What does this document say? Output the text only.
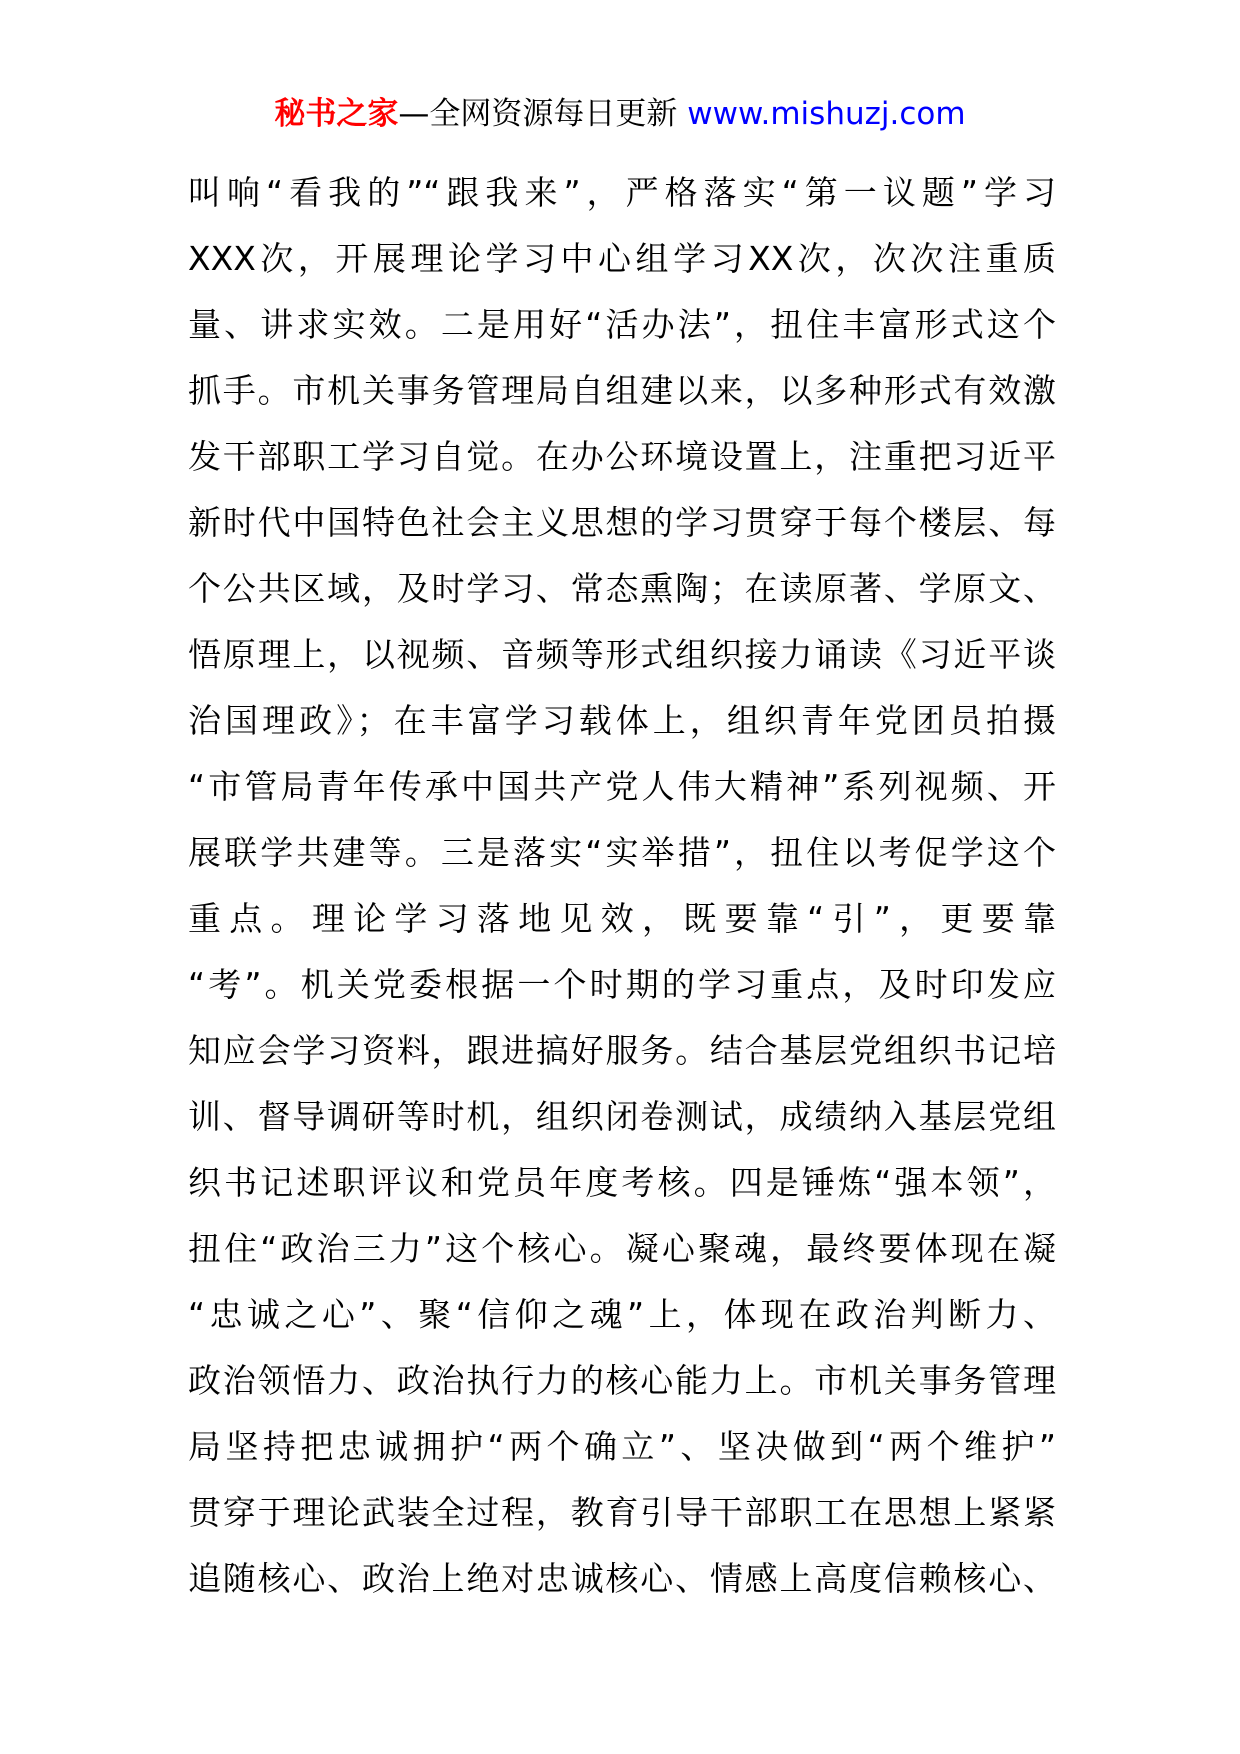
秘书之家—全网资源每日更新 www.mishuzj.com
叫响“看我的”“跟我来”，严格落实“第一议题”学习
XXX次，开展理论学习中心组学习XX次，次次注重质
量、讲求实效。二是用好“活办法”，扭住丰富形式这个
抓手。市机关事务管理局自组建以来，以多种形式有效激
发干部职工学习自觉。在办公环境设置上，注重把习近平
新时代中国特色社会主义思想的学习贯穿于每个楼层、每
个公共区域，及时学习、常态熏陶；在读原著、学原文、
悟原理上，以视频、音频等形式组织接力诵读《习近平谈
治国理政》；在丰富学习载体上，组织青年党团员拍摄
“市管局青年传承中国共产党人伟大精神”系列视频、开
展联学共建等。三是落实“实举措”，扭住以考促学这个
重点。理论学习落地见效，既要靠“引”，更要靠
“考”。机关党委根据一个时期的学习重点，及时印发应
知应会学习资料，跟进搞好服务。结合基层党组织书记培
训、督导调研等时机，组织闭卷测试，成绩纳入基层党组
织书记述职评议和党员年度考核。四是锤炼“强本领”，
扭住“政治三力”这个核心。凝心聚魂，最终要体现在凝
“忠诚之心”、聚“信仰之魂”上，体现在政治判断力、
政治领悟力、政治执行力的核心能力上。市机关事务管理
局坚持把忠诚拥护“两个确立”、坚决做到“两个维护”
贯穿于理论武装全过程，教育引导干部职工在思想上紧紧
追随核心、政治上绝对忠诚核心、情感上高度信赖核心、
